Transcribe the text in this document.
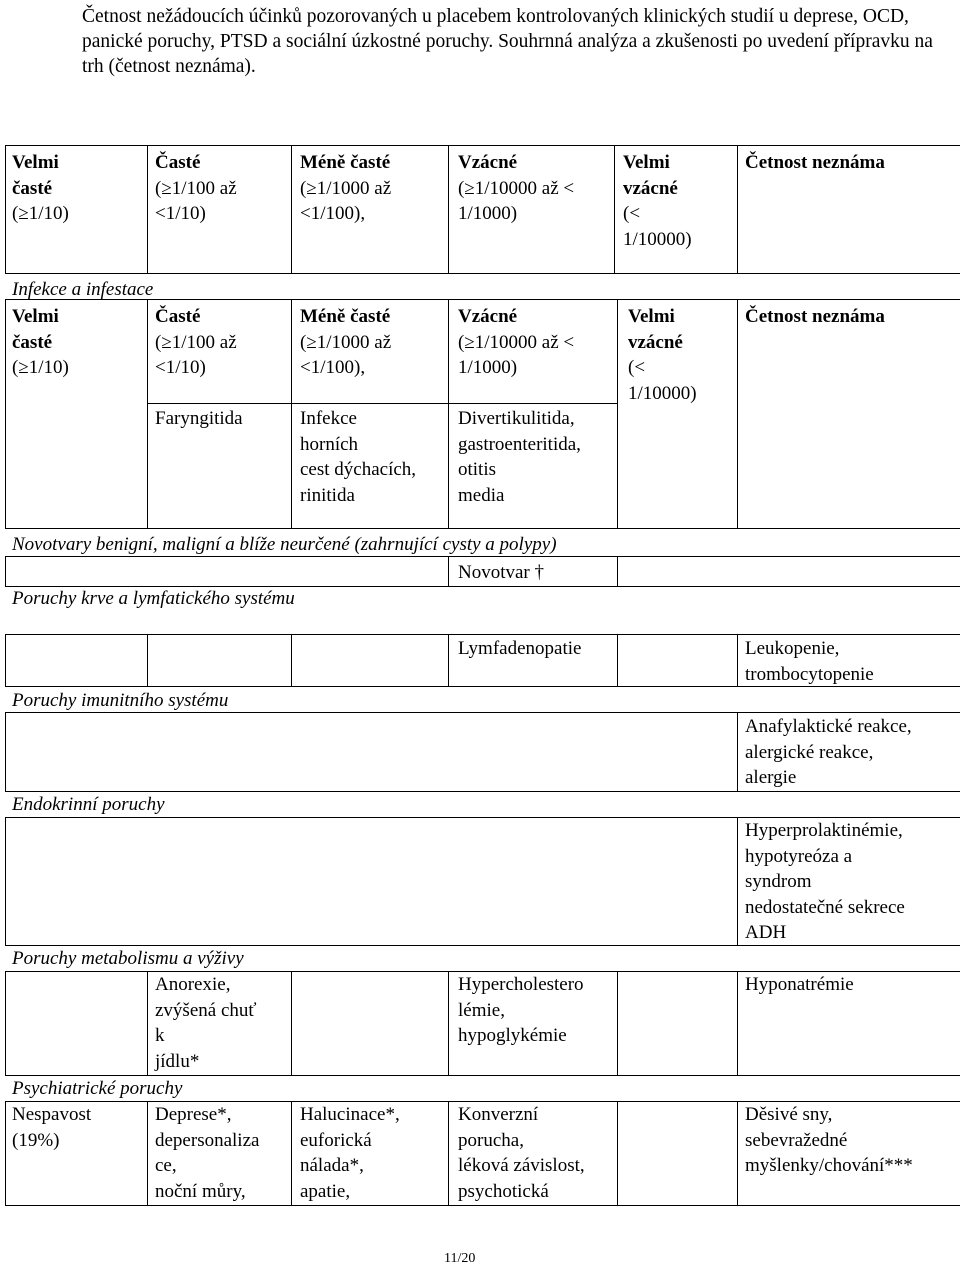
Četnost nežádoucích účinků pozorovaných u placebem kontrolovaných klinických studií u deprese, OCD, panické poruchy, PTSD a sociální úzkostné poruchy. Souhrnná analýza a zkušenosti po uvedení přípravku na trh (četnost neznáma).
Velmi
časté
(≥1/10)
Časté
(≥1/100 až
<1/10)
Méně časté
(≥1/1000 až
<1/100),
Vzácné
(≥1/10000 až <
1/1000)
Velmi
vzácné
(<
1/10000)
Četnost neznáma
Infekce a infestace
Velmi
časté
(≥1/10)
Časté
(≥1/100 až
<1/10)
Méně časté
(≥1/1000 až
<1/100),
Vzácné
(≥1/10000 až <
1/1000)
Velmi
vzácné
(<
1/10000)
Četnost neznáma
Faryngitida	Infekce
horních
cest dýchacích,
rinitida
Divertikulitida,
gastroenteritida,
otitis
media
Novotvary benigní, maligní a blíže neurčené (zahrnující cysty a polypy)
Novotvar †
Poruchy krve a lymfatického systému
Lymfadenopatie	Leukopenie,
trombocytopenie
Poruchy imunitního systému
Anafylaktické reakce,
alergické reakce,
alergie
Endokrinní poruchy
Hyperprolaktinémie,
hypotyreóza a
syndrom
nedostatečné sekrece
ADH
Poruchy metabolismu a výživy
Anorexie,
zvýšená chuť
k
jídlu*
Hypercholestero
lémie,
hypoglykémie
Hyponatrémie
Psychiatrické poruchy
Nespavost
(19%)
Deprese*,
depersonaliza
ce,
noční můry,
Halucinace*,
euforická
nálada*,
apatie,
Konverzní
porucha,
léková závislost,
psychotická
Děsivé sny,
sebevražedné
myšlenky/chování***
11/20
